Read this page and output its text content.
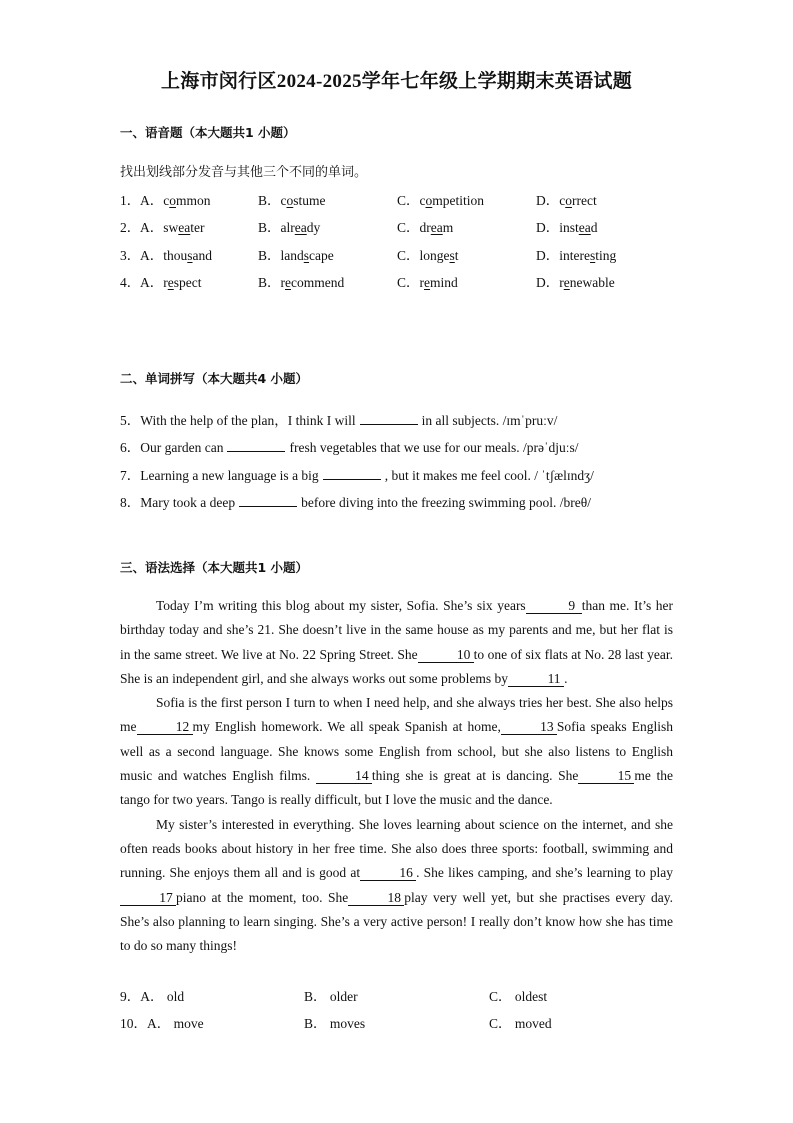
上海市闵行区2024-2025学年七年级上学期期末英语试题
一、语音题（本大题共1 小题）
找出划线部分发音与其他三个不同的单词。
1． A．common	B．costume	C．competition	D．correct
2． A．sweater	B．already	C．dream	D．instead
3． A．thousand	B．landscape	C．longest	D．interesting
4． A．respect	B．recommend	C．remind	D．renewable
二、单词拼写（本大题共4 小题）
5．With the help of the plan，I think I will	in all subjects. /ɪmˈpruːv/
6．Our garden can	fresh vegetables that we use for our meals. /prəˈdjuːs/
7．Learning a new language is a big	, but it makes me feel cool. / ˈtʃælɪndʒ/
8．Mary took a deep	before diving into the freezing swimming pool. /breθ/
三、语法选择（本大题共1 小题）

Today I’m writing this blog about my sister, Sofia. She’s six years	9 than me. It’s her birthday today and she’s 21. She doesn’t live in the same house as my parents and me, but her flat is in the same street. We live at No. 22 Spring Street. She	10 to one of six flats at No. 28 last year. She is an independent girl, and she always works out some problems by	11 .

Sofia is the first person I turn to when I need help, and she always tries her best. She also helps me	12 my English homework. We all speak Spanish at home,	13 Sofia speaks English well as a second language. She knows some English from school, but she also listens to English music and watches English films.	14 thing she is great at is dancing. She	15 me the tango for two years. Tango is really difficult, but I love the music and the dance.

My sister’s interested in everything. She loves learning about science on the internet, and she often reads books about history in her free time. She also does three sports: football, swimming and running. She enjoys them all and is good at	16 . She likes camping, and she’s learning to play17 piano at the moment, too. She	18 play very well yet, but she practises every day. She’s also planning to learn singing. She’s a very active person! I really don’t know how she has time to do so many things!

9．A． old	B． older	C． oldest
10．A． move	B． moves	C． moved
